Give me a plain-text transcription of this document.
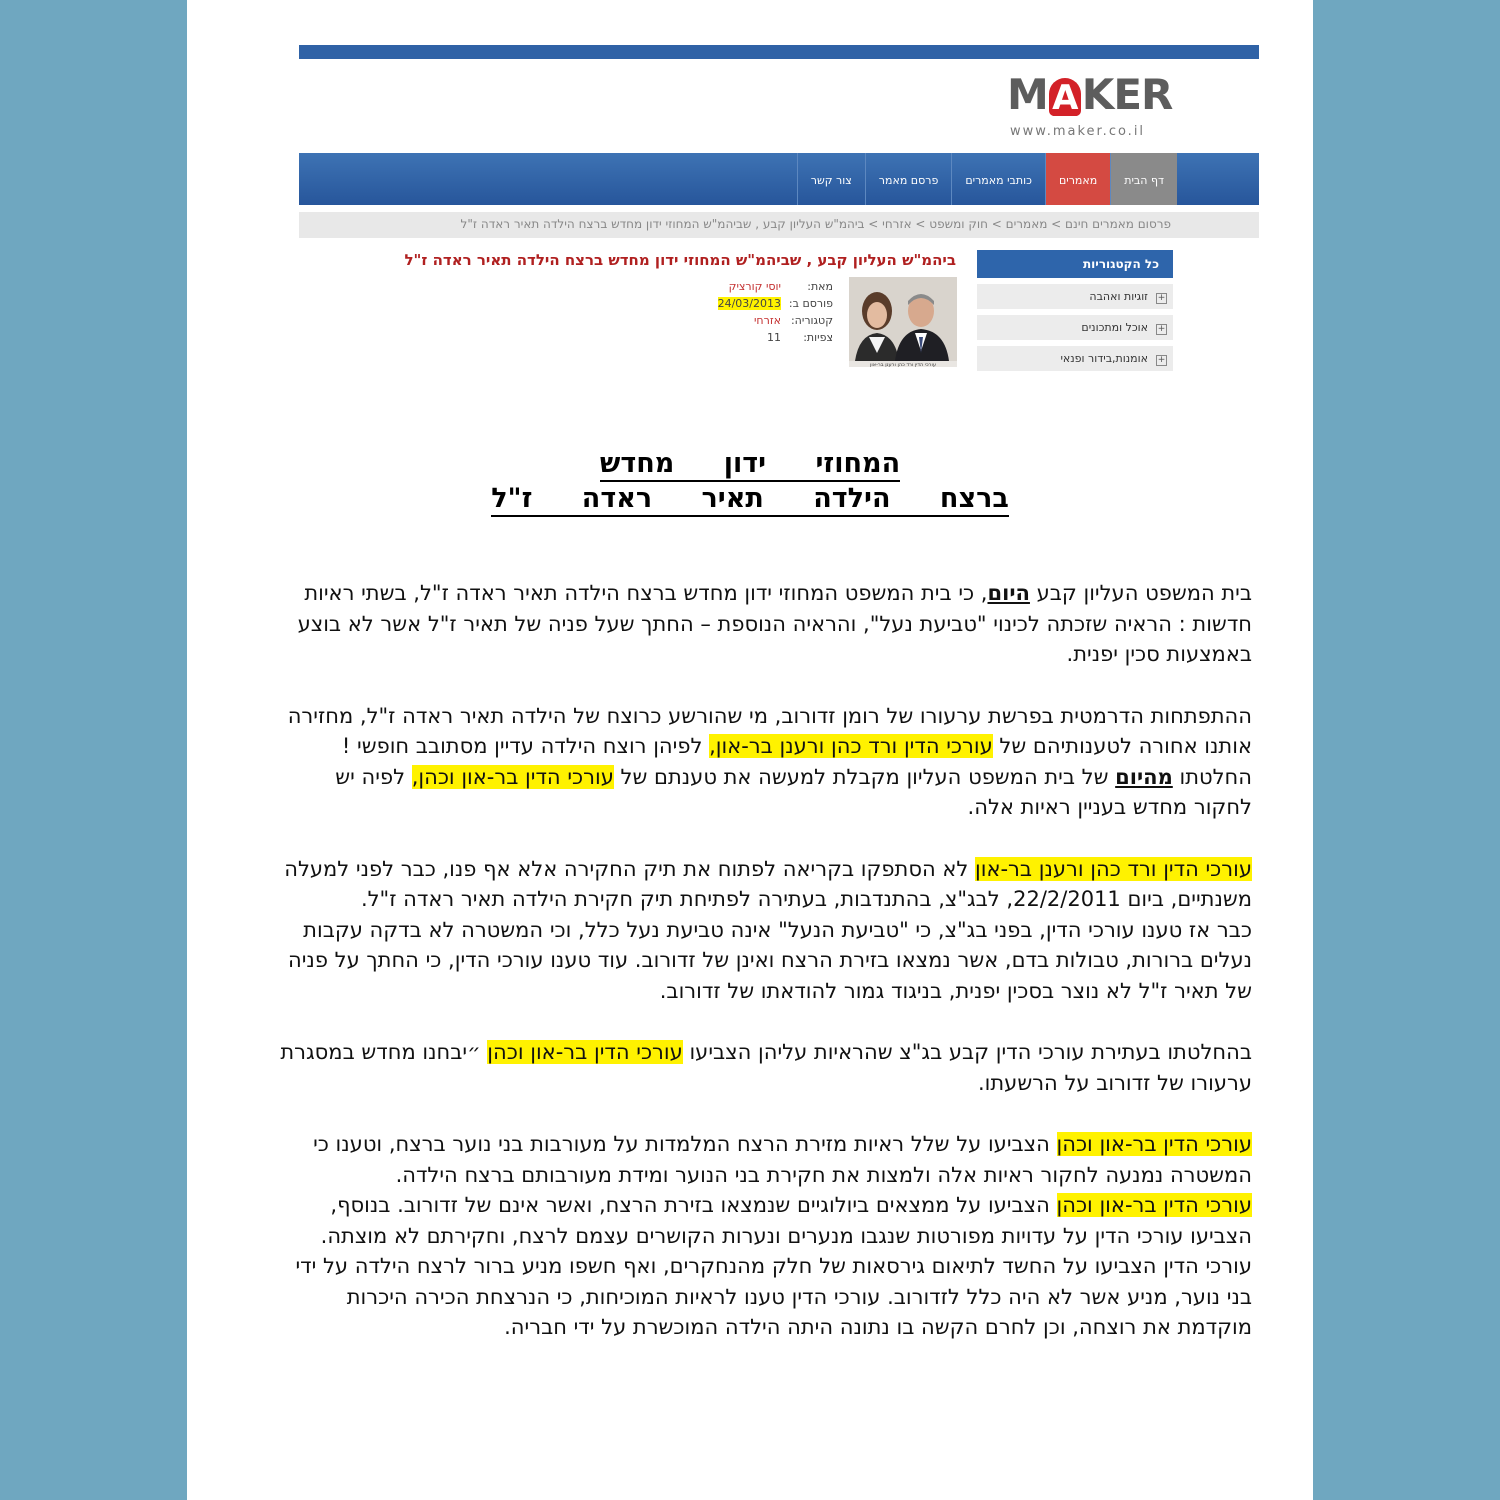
M A KER
www.maker.co.il
צור קשר	פרסם מאמר	כותבי מאמרים	מאמרים	דף הבית
פרסום מאמרים חינם > מאמרים > חוק ומשפט > אזרחי > ביהמ"ש העליון קבע , שביהמ"ש המחוזי ידון מחדש ברצח הילדה תאיר ראדה ז"ל
כל הקטגוריות
+זוגיות ואהבה
+אוכל ומתכונים
+אומנות,בידור ופנאי
ביהמ"ש העליון קבע , שביהמ"ש המחוזי ידון מחדש ברצח הילדה תאיר ראדה ז"ל
עורכי הדין ורד כהן ורענן בר-און
מאת:
יוסי קורציק
פורסם ב:
24/03/2013
קטגוריה:
אזרחי
צפיות:
11
המחוזי ידון מחדש
ברצח הילדה תאיר ראדה ז"ל

בית המשפט העליון קבע היום, כי בית המשפט המחוזי ידון מחדש ברצח הילדה תאיר ראדה ז"ל, בשתי ראיות חדשות : הראיה שזכתה לכינוי "טביעת נעל", והראיה הנוספת – החתך שעל פניה של תאיר ז"ל אשר לא בוצע באמצעות סכין יפנית.

ההתפתחות הדרמטית בפרשת ערעורו של רומן זדורוב, מי שהורשע כרוצח של הילדה תאיר ראדה ז"ל, מחזירה אותנו אחורה לטענותיהם של עורכי הדין ורד כהן ורענן בר-און, לפיהן רוצח הילדה עדיין מסתובב חופשי !

החלטתו מהיום של בית המשפט העליון מקבלת למעשה את טענתם של עורכי הדין בר-און וכהן, לפיה יש לחקור מחדש בעניין ראיות אלה.

עורכי הדין ורד כהן ורענן בר-און לא הסתפקו בקריאה לפתוח את תיק החקירה אלא אף פנו, כבר לפני למעלה משנתיים, ביום 22/2/2011, לבג"צ, בהתנדבות, בעתירה לפתיחת תיק חקירת הילדה תאיר ראדה ז"ל.

כבר אז טענו עורכי הדין, בפני בג"צ, כי "טביעת הנעל" אינה טביעת נעל כלל, וכי המשטרה לא בדקה עקבות נעלים ברורות, טבולות בדם, אשר נמצאו בזירת הרצח ואינן של זדורוב. עוד טענו עורכי הדין, כי החתך על פניה של תאיר ז"ל לא נוצר בסכין יפנית, בניגוד גמור להודאתו של זדורוב.

בהחלטתו בעתירת עורכי הדין קבע בג"צ שהראיות עליהן הצביעו עורכי הדין בר-און וכהן ״יבחנו מחדש במסגרת ערעורו של זדורוב על הרשעתו.

עורכי הדין בר-און וכהן הצביעו על שלל ראיות מזירת הרצח המלמדות על מעורבות בני נוער ברצח, וטענו כי המשטרה נמנעה לחקור ראיות אלה ולמצות את חקירת בני הנוער ומידת מעורבותם ברצח הילדה.

עורכי הדין בר-און וכהן הצביעו על ממצאים ביולוגיים שנמצאו בזירת הרצח, ואשר אינם של זדורוב. בנוסף, הצביעו עורכי הדין על עדויות מפורטות שנגבו מנערים ונערות הקושרים עצמם לרצח, וחקירתם לא מוצתה. עורכי הדין הצביעו על החשד לתיאום גירסאות של חלק מהנחקרים, ואף חשפו מניע ברור לרצח הילדה על ידי בני נוער, מניע אשר לא היה כלל לזדורוב. עורכי הדין טענו לראיות המוכיחות, כי הנרצחת הכירה היכרות מוקדמת את רוצחה, וכן לחרם הקשה בו נתונה היתה הילדה המוכשרת על ידי חבריה.
